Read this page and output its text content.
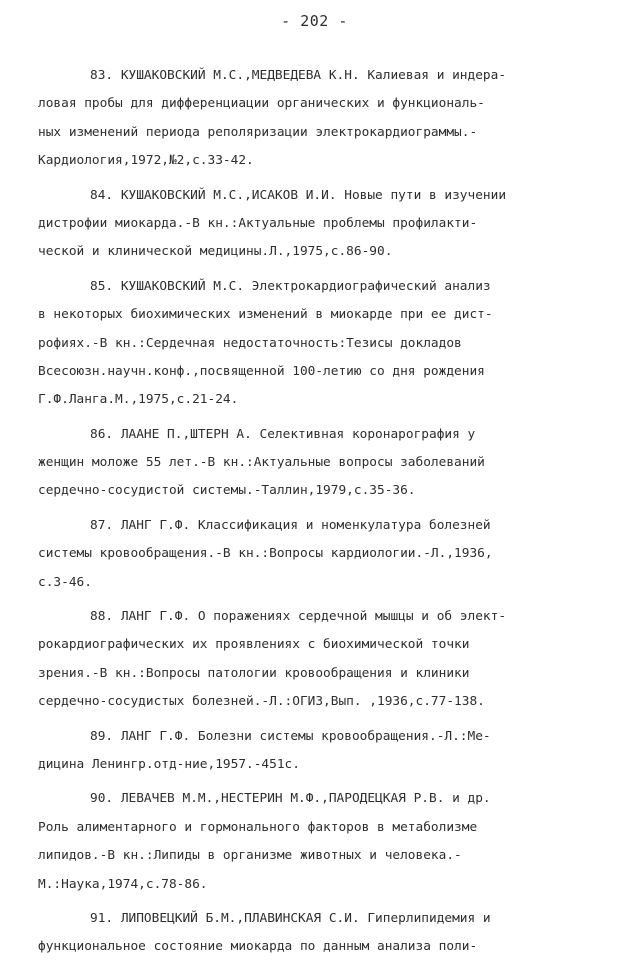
- 202 -
83. КУШАКОВСКИЙ М.С.,МЕДВЕДЕВА К.Н. Калиевая и индера-
ловая пробы для дифференциации органических и функциональ-
ных изменений периода реполяризации электрокардиограммы.-
Кардиология,1972,№2,с.33-42.
84. КУШАКОВСКИЙ М.С.,ИСАКОВ И.И. Новые пути в изучении
дистрофии миокарда.-В кн.:Актуальные проблемы профилакти-
ческой и клинической медицины.Л.,1975,с.86-90.
85. КУШАКОВСКИЙ М.С. Электрокардиографический анализ
в некоторых биохимических изменений в миокарде при ее дист-
рофиях.-В кн.:Сердечная недостаточность:Тезисы докладов
Всесоюзн.научн.конф.,посвященной 100-летию со дня рождения
Г.Ф.Ланга.М.,1975,с.21-24.
86. ЛААНЕ П.,ШТЕРН А. Селективная коронарография у
женщин моложе 55 лет.-В кн.:Актуальные вопросы заболеваний
сердечно-сосудистой системы.-Таллин,1979,с.35-36.
87. ЛАНГ Г.Ф. Классификация и номенкулатура болезней
системы кровообращения.-В кн.:Вопросы кардиологии.-Л.,1936,
с.3-46.
88. ЛАНГ Г.Ф. О поражениях сердечной мышцы и об элект-
рокардиографических их проявлениях с биохимической точки
зрения.-В кн.:Вопросы патологии кровообращения и клиники
сердечно-сосудистых болезней.-Л.:ОГИЗ,Вып. ,1936,с.77-138.
89. ЛАНГ Г.Ф. Болезни системы кровообращения.-Л.:Ме-
дицина Ленингр.отд-ние,1957.-451с.
90. ЛЕВАЧЕВ М.М.,НЕСТЕРИН М.Ф.,ПАРОДЕЦКАЯ Р.В. и др.
Роль алиментарного и гормонального факторов в метаболизме
липидов.-В кн.:Липиды в организме животных и человека.-
М.:Наука,1974,с.78-86.
91. ЛИПОВЕЦКИЙ Б.М.,ПЛАВИНСКАЯ С.И. Гиперлипидемия и
функциональное состояние миокарда по данным анализа поли-
